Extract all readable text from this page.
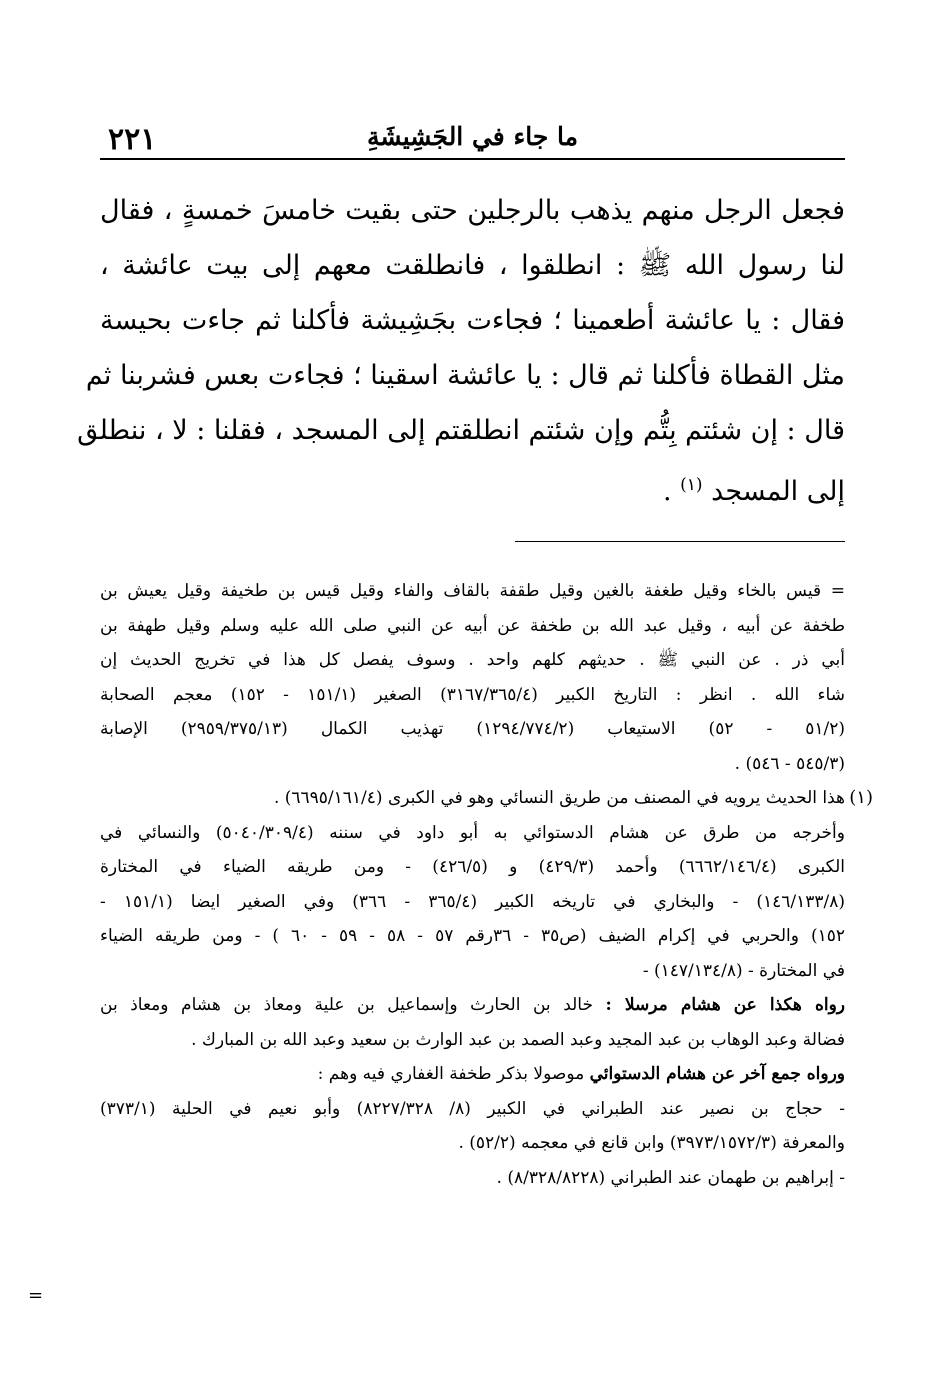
٢٢١	ما جاء في الجَشِيشَةِ
فجعل الرجل منهم يذهب بالرجلين حتى بقيت خامسَ خمسةٍ ، فقال
لنا رسول الله ﷺ : انطلقوا ، فانطلقت معهم إلى بيت عائشة ،
فقال : يا عائشة أطعمينا ؛ فجاءت بجَشِيشة فأكلنا ثم جاءت بحيسة
مثل القطاة فأكلنا ثم قال : يا عائشة اسقينا ؛ فجاءت بعس فشربنا ثم
قال : إن شئتم بِتُّم وإن شئتم انطلقتم إلى المسجد ، فقلنا : لا ، ننطلق
إلى المسجد $^{(١)}$ .
= قيس بالخاء وقيل طغفة بالغين وقيل طقفة بالقاف والفاء وقيل قيس بن طخيفة وقيل يعيش بن
طخفة عن أبيه ، وقيل عبد الله بن طخفة عن أبيه عن النبي صلى الله عليه وسلم وقيل طهفة بن
أبي ذر . عن النبي ﷺ . حديثهم كلهم واحد . وسوف يفصل كل هذا في تخريج الحديث إن
شاء الله . انظر : التاريخ الكبير (٣١٦٧/٣٦٥/٤) الصغير (١٥١/١ - ١٥٢) معجم الصحابة
(٥١/٢ - ٥٢) الاستيعاب (١٢٩٤/٧٧٤/٢) تهذيب الكمال (٢٩٥٩/٣٧٥/١٣) الإصابة
(٥٤٥/٣ - ٥٤٦) .
(١)
هذا الحديث يرويه في المصنف من طريق النسائي وهو في الكبرى (٦٦٩٥/١٦١/٤) .
وأخرجه من طرق عن هشام الدستوائي به أبو داود في سننه (٥٠٤٠/٣٠٩/٤) والنسائي في
الكبرى (٦٦٦٢/١٤٦/٤) وأحمد (٤٢٩/٣) و (٤٢٦/٥) - ومن طريقه الضياء في المختارة
(١٤٦/١٣٣/٨) - والبخاري في تاريخه الكبير (٣٦٥/٤ - ٣٦٦) وفي الصغير ايضا (١٥١/١ -
١٥٢) والحربي في إكرام الضيف (ص٣٥ - ٣٦رقم ٥٧ - ٥٨ - ٥٩ - ٦٠ ) - ومن طريقه الضياء
في المختارة - (١٤٧/١٣٤/٨) -
رواه هكذا عن هشام مرسلا : خالد بن الحارث وإسماعيل بن علية ومعاذ بن هشام ومعاذ بن
فضالة وعبد الوهاب بن عبد المجيد وعبد الصمد بن عبد الوارث بن سعيد وعبد الله بن المبارك .
ورواه جمع آخر عن هشام الدستوائي موصولا بذكر طخفة الغفاري فيه وهم :
- حجاج بن نصير عند الطبراني في الكبير (٨/ ٨٢٢٧/٣٢٨) وأبو نعيم في الحلية (٣٧٣/١)
والمعرفة (٣٩٧٣/١٥٧٢/٣) وابن قانع في معجمه (٥٢/٢) .
- إبراهيم بن طهمان عند الطبراني (٨/٣٢٨/٨٢٢٨) .
=
